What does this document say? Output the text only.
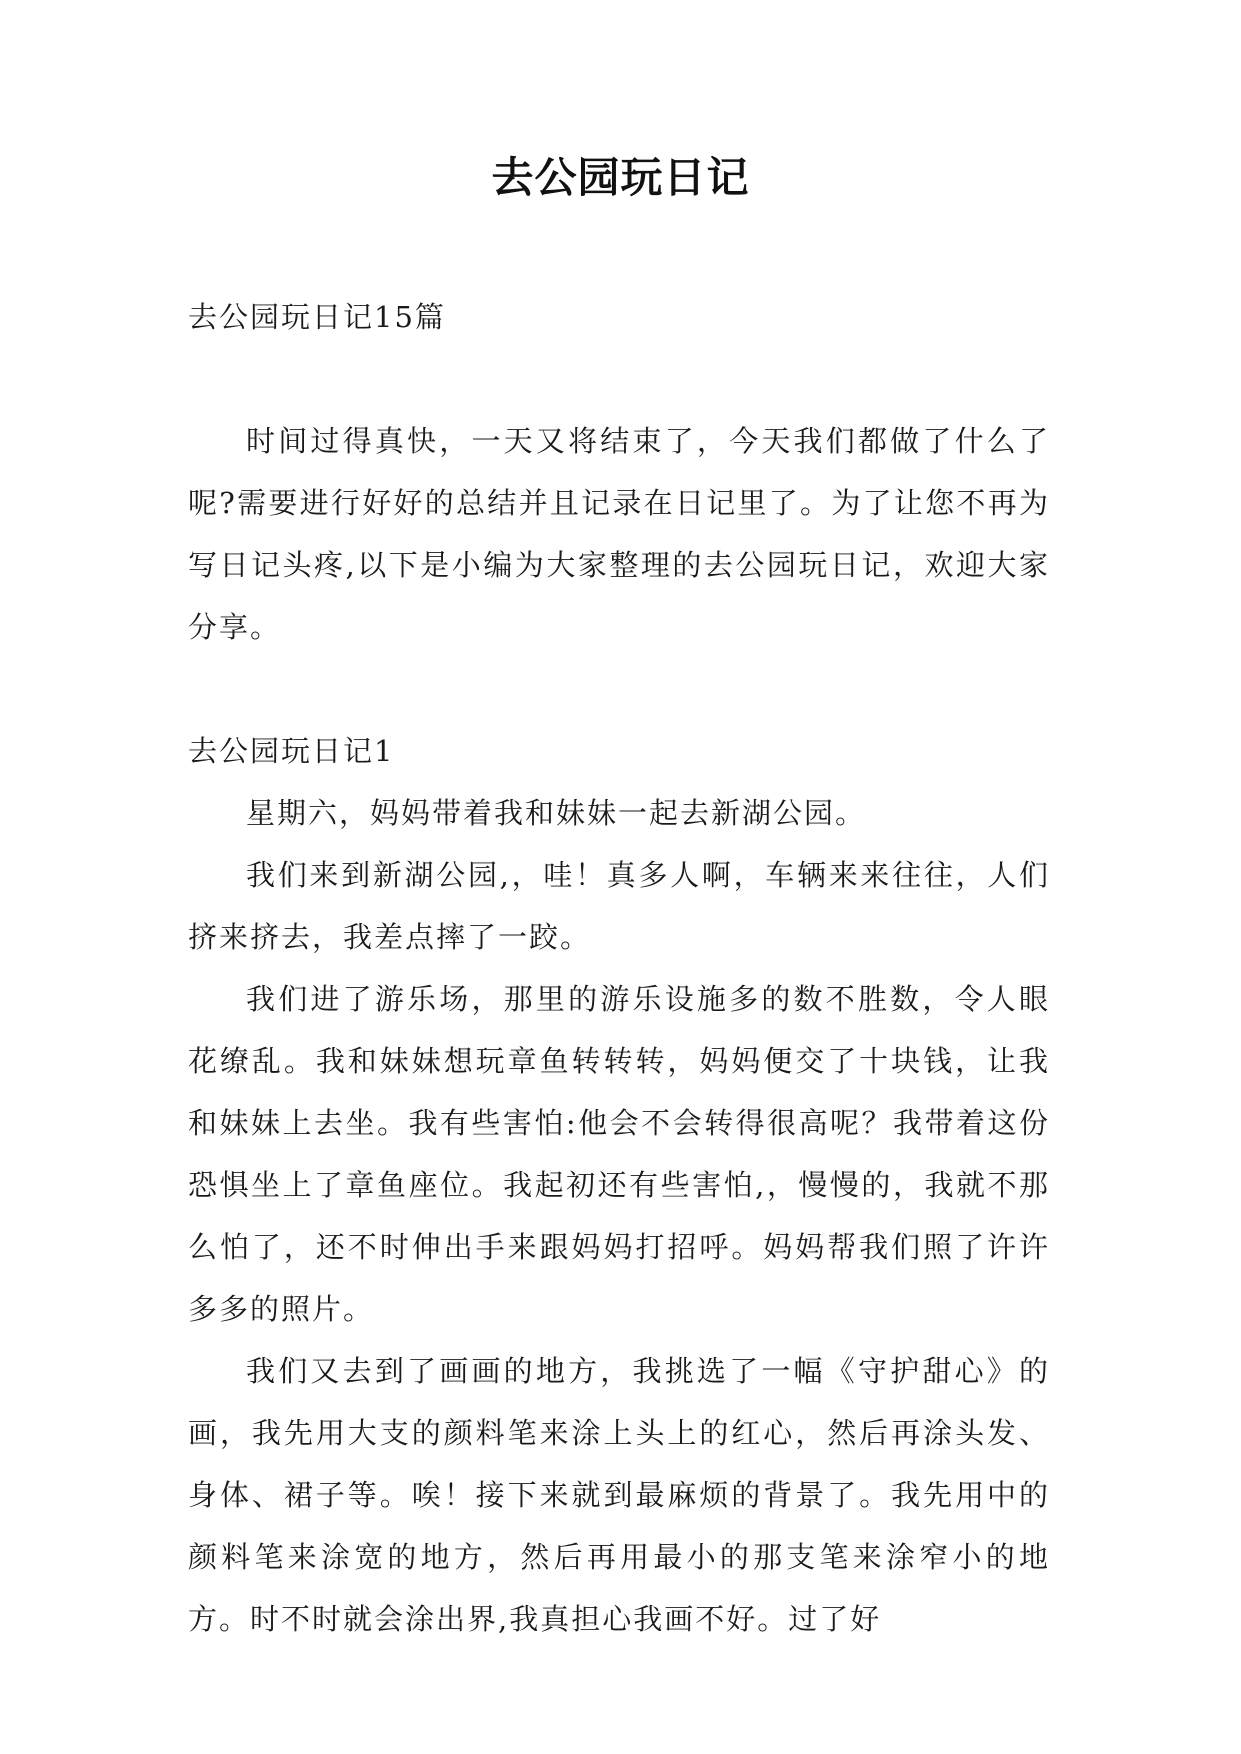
去公园玩日记

去公园玩日记15篇

时间过得真快，一天又将结束了，今天我们都做了什么了呢?需要进行好好的总结并且记录在日记里了。为了让您不再为写日记头疼,以下是小编为大家整理的去公园玩日记，欢迎大家分享。

去公园玩日记1

星期六，妈妈带着我和妹妹一起去新湖公园。

我们来到新湖公园,，哇！真多人啊，车辆来来往往，人们挤来挤去，我差点摔了一跤。

我们进了游乐场，那里的游乐设施多的数不胜数，令人眼花缭乱。我和妹妹想玩章鱼转转转，妈妈便交了十块钱，让我和妹妹上去坐。我有些害怕:他会不会转得很高呢？我带着这份恐惧坐上了章鱼座位。我起初还有些害怕,，慢慢的，我就不那么怕了，还不时伸出手来跟妈妈打招呼。妈妈帮我们照了许许多多的照片。

我们又去到了画画的地方，我挑选了一幅《守护甜心》的画，我先用大支的颜料笔来涂上头上的红心，然后再涂头发、身体、裙子等。唉！接下来就到最麻烦的背景了。我先用中的颜料笔来涂宽的地方，然后再用最小的那支笔来涂窄小的地方。时不时就会涂出界,我真担心我画不好。过了好
